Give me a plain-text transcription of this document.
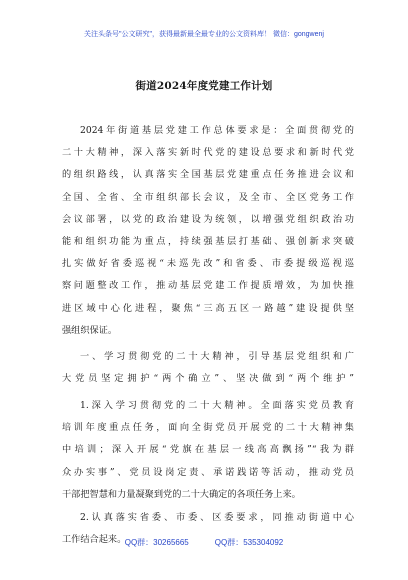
关注头条号"公文研究"，获得最新最全最专业的公文资料库！ 微信：gongwenj
街道2024年度党建工作计划
2024年街道基层党建工作总体要求是：全面贯彻党的
二十大精神，深入落实新时代党的建设总要求和新时代党
的组织路线，认真落实全国基层党建重点任务推进会议和
全国、全省、全市组织部长会议，及全市、全区党务工作
会议部署，以党的政治建设为统领，以增强党组织政治功
能和组织功能为重点，持续强基层打基础、强创新求突破
扎实做好省委巡视“未巡先改”和省委、市委提级巡视巡
察问题整改工作，推动基层党建工作提质增效，为加快推
进区域中心化进程，聚焦“三高五区一路越”建设提供坚
强组织保证。
一、学习贯彻党的二十大精神，引导基层党组织和广
大党员坚定拥护“两个确立”、坚决做到“两个维护”
1.深入学习贯彻党的二十大精神。全面落实党员教育
培训年度重点任务，面向全街党员开展党的二十大精神集
中培训；深入开展“党旗在基层一线高高飘扬”“我为群
众办实事”、党员设岗定责、承诺践诺等活动，推动党员
干部把智慧和力量凝聚到党的二十大确定的各项任务上来。
2.认真落实省委、市委、区委要求，同推动街道中心
工作结合起来。
QQ群：30265665	QQ群：535304092
